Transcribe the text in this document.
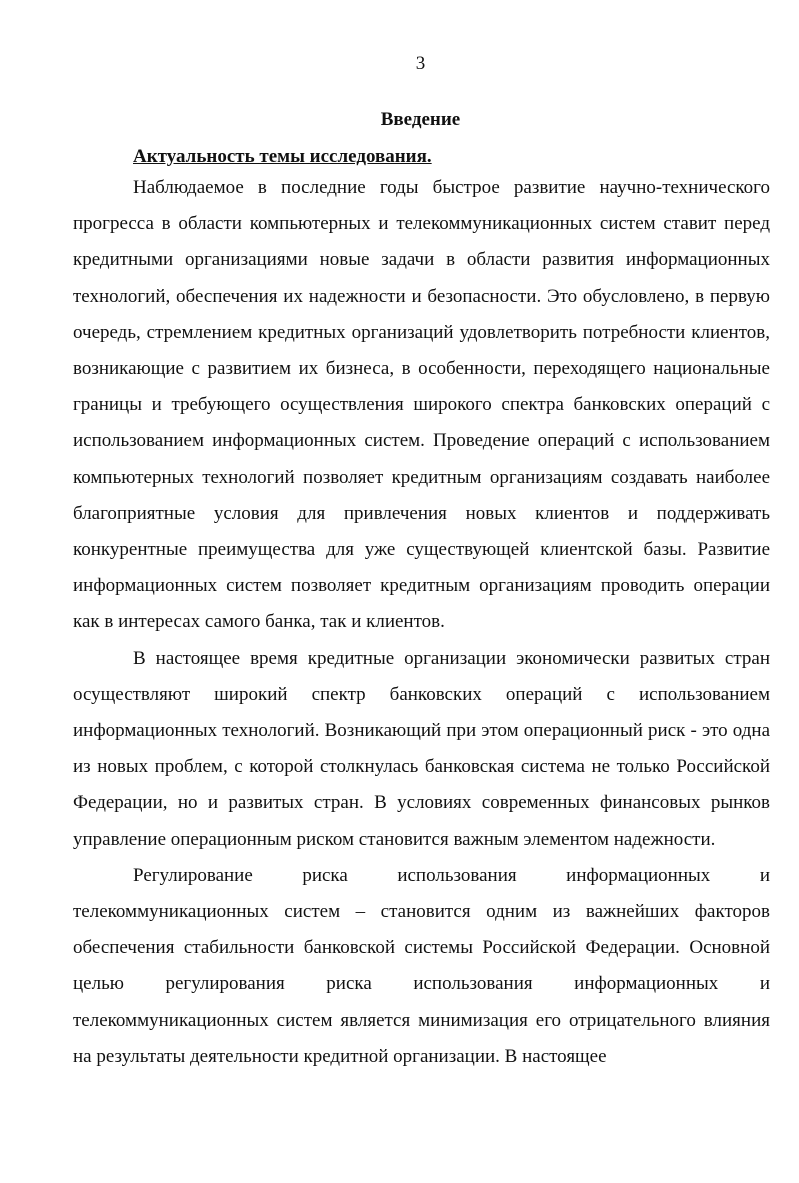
3
Введение
Актуальность темы исследования.

Наблюдаемое в последние годы быстрое развитие научно-технического прогресса в области компьютерных и телекоммуникационных систем ставит перед кредитными организациями новые задачи в области развития информационных технологий, обеспечения их надежности и безопасности. Это обусловлено, в первую очередь, стремлением кредитных организаций удовлетворить потребности клиентов, возникающие с развитием их бизнеса, в особенности, переходящего национальные границы и требующего осуществления широкого спектра банковских операций с использованием информационных систем. Проведение операций с использованием компьютерных технологий позволяет кредитным организациям создавать наиболее благоприятные условия для привлечения новых клиентов и поддерживать конкурентные преимущества для уже существующей клиентской базы. Развитие информационных систем позволяет кредитным организациям проводить операции как в интересах самого банка, так и клиентов.

В настоящее время кредитные организации экономически развитых стран осуществляют широкий спектр банковских операций с использованием информационных технологий. Возникающий при этом операционный риск - это одна из новых проблем, с которой столкнулась банковская система не только Российской Федерации, но и развитых стран. В условиях современных финансовых рынков управление операционным риском становится важным элементом надежности.

Регулирование риска использования информационных и телекоммуникационных систем – становится одним из важнейших факторов обеспечения стабильности банковской системы Российской Федерации. Основной целью регулирования риска использования информационных и телекоммуникационных систем является минимизация его отрицательного влияния на результаты деятельности кредитной организации. В настоящее
